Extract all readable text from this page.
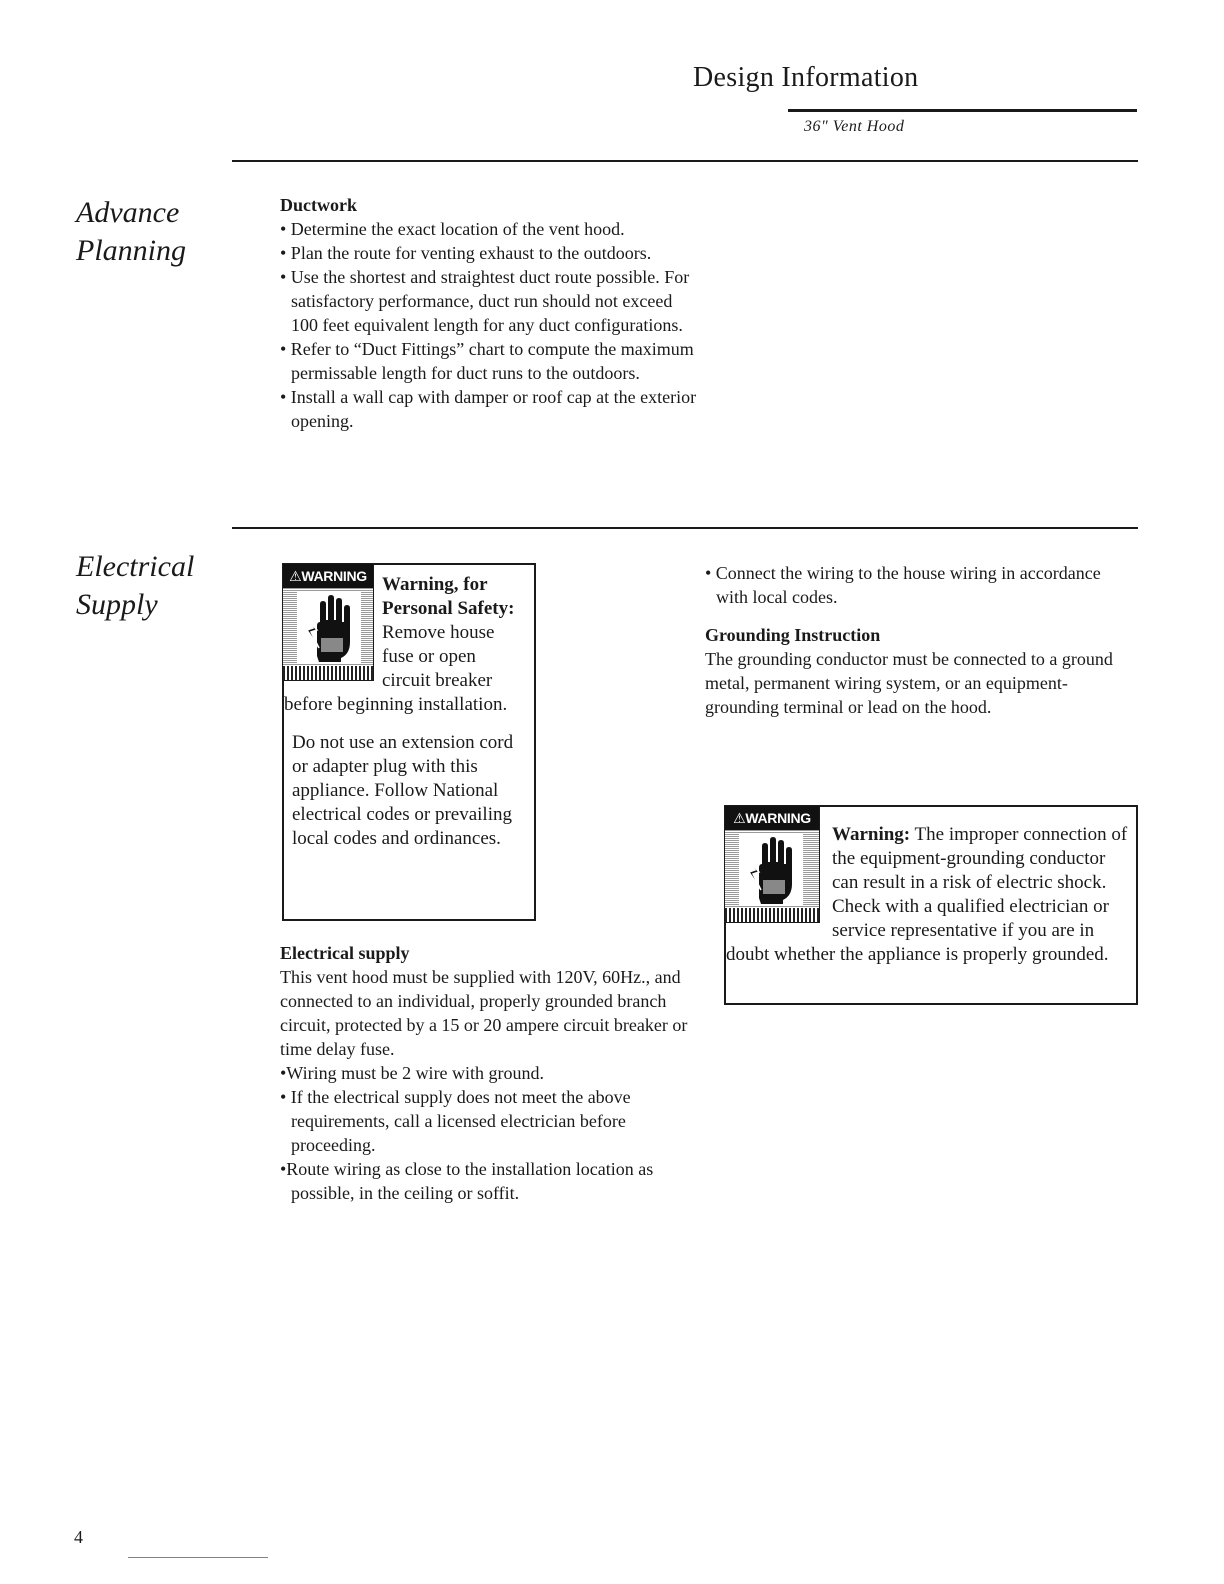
Design Information
36" Vent Hood
Advance
Planning

Ductwork

• Determine the exact location of the vent hood.
• Plan the route for venting exhaust to the outdoors.
• Use the shortest and straightest duct route possible. For satisfactory performance, duct run should not exceed 100 feet equivalent length for any duct configurations.
• Refer to “Duct Fittings” chart to compute the maximum permissable length for duct runs to the outdoors.
• Install a wall cap with damper or roof cap at the exterior opening.
Electrical
Supply
⚠WARNING Warning, for Personal Safety: Remove house fuse or open circuit breaker before beginning installation.

Do not use an extension cord or adapter plug with this appliance. Follow National electrical codes or prevailing local codes and ordinances.

Electrical supply

This vent hood must be supplied with 120V, 60Hz., and connected to an individual, properly grounded branch circuit, protected by a 15 or 20 ampere circuit breaker or time delay fuse.

•Wiring must be 2 wire with ground.
• If the electrical supply does not meet the above requirements, call a licensed electrician before proceeding.
•Route wiring as close to the installation location as possible, in the ceiling or soffit.
• Connect the wiring to the house wiring in accordance with local codes.

Grounding Instruction

The grounding conductor must be connected to a ground metal, permanent wiring system, or an equipment-grounding terminal or lead on the hood.

⚠WARNING
Warning: The improper connection of the equipment-grounding conductor can result in a risk of electric shock. Check with a qualified electrician or service representative if you are in doubt whether the appliance is properly grounded.
4
